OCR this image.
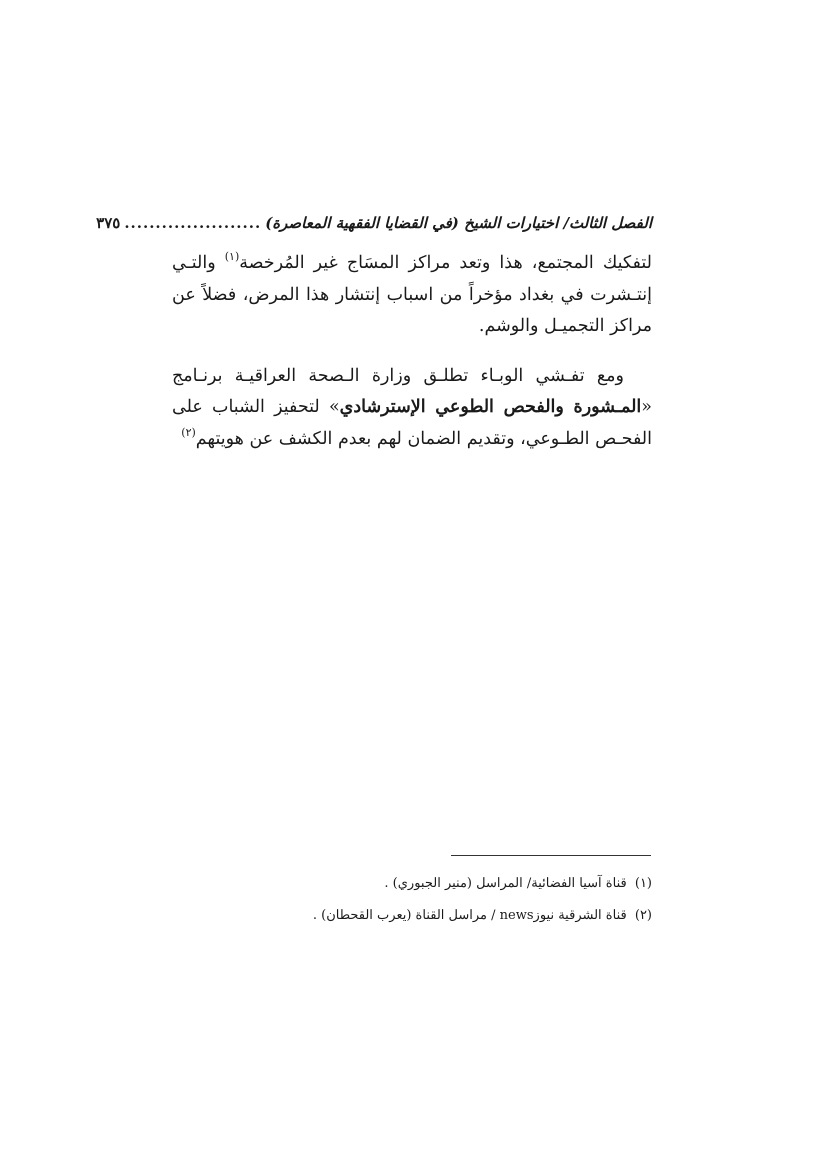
الفصل الثالث/ اختيارات الشيخ (في القضايا الفقهية المعاصرة)
......................
٣٧٥

لتفكيك المجتمع، هذا وتعد مراكز المسَاج غير المُرخصة$^{(١)}$ والتـي إنتـشرت في بغداد مؤخراً من اسباب إنتشار هذا المرض، فضلاً عن مراكز التجميـل والوشم.

ومع تفـشي الوبـاء تطلـق وزارة الـصحة العراقيـة برنـامج «المـشورة والفحص الطوعي الإسترشادي» لتحفيز الشباب على الفحـص الطـوعي، وتقديم الضمان لهم بعدم الكشف عن هويتهم$^{(٢)}$

(١) قناة آسيا الفضائية/ المراسل (منير الجبوري) .
(٢) قناة الشرقية نيوزnews / مراسل القناة (يعرب القحطان) .
